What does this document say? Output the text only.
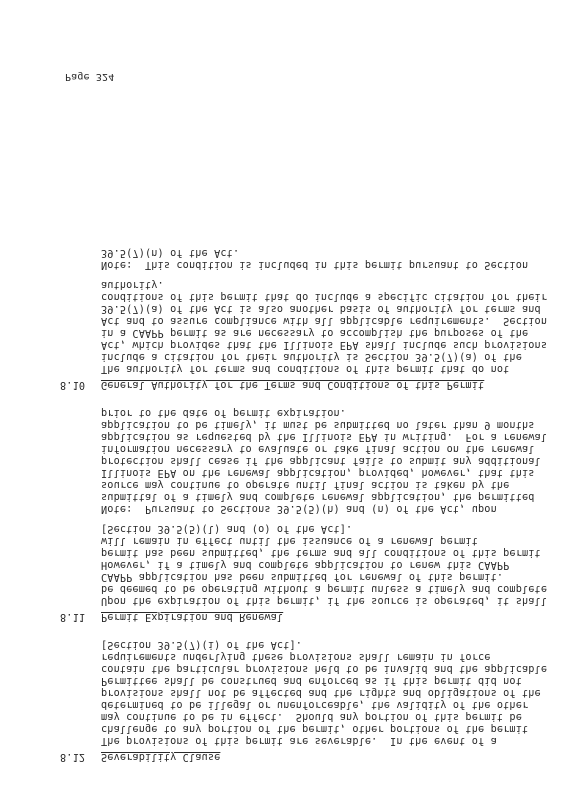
8.12 Severability Clause
The provisions of this permit are severable.  In the event of a
challenge to any portion of the permit, other portions of the permit
may continue to be in effect.  Should any portion of this permit be
determined to be illegal or unenforceable, the validity of the other
provisions shall not be affected and the rights and obligations of the
Permittee shall be construed and enforced as if this permit did not
contain the particular provisions held to be invalid and the applicable
requirements underlying these provisions shall remain in force
[Section 39.5(7)(i) of the Act].
8.11 Permit Expiration and Renewal
Upon the expiration of this permit, if the source is operated, it shall
be deemed to be operating without a permit unless a timely and complete
CAAPP application has been submitted for renewal of this permit.
However, if a timely and complete application to renew this CAAPP
permit has been submitted, the terms and all conditions of this permit
will remain in effect until the issuance of a renewal permit
[Section 39.5(5)(l) and (o) of the Act].
Note:  Pursuant to Sections 39.5(5)(h) and (n) of the Act, upon
submittal of a timely and complete renewal application, the permitted
source may continue to operate until final action is taken by the
Illinois EPA on the renewal application, provided, however, that this
protection shall cease if the applicant fails to submit any additional
information necessary to evaluate or take final action on the renewal
application as requested by the Illinois EPA in writing.  For a renewal
application to be timely, it must be submitted no later than 9 months
prior to the date of permit expiration.
8.10 General Authority for the Terms and Conditions of this Permit
The authority for terms and conditions of this permit that do not
include a citation for their authority is Section 39.5(7)(a) of the
Act, which provides that the Illinois EPA shall include such provisions
in a CAAPP permit as are necessary to accomplish the purposes of the
Act and to assure compliance with all applicable requirements.  Section
39.5(7)(a) of the Act is also another basis of authority for terms and
conditions of this permit that do include a specific citation for their
authority.
Note:  This condition is included in this permit pursuant to Section
39.5(7)(n) of the Act.
Page 324
